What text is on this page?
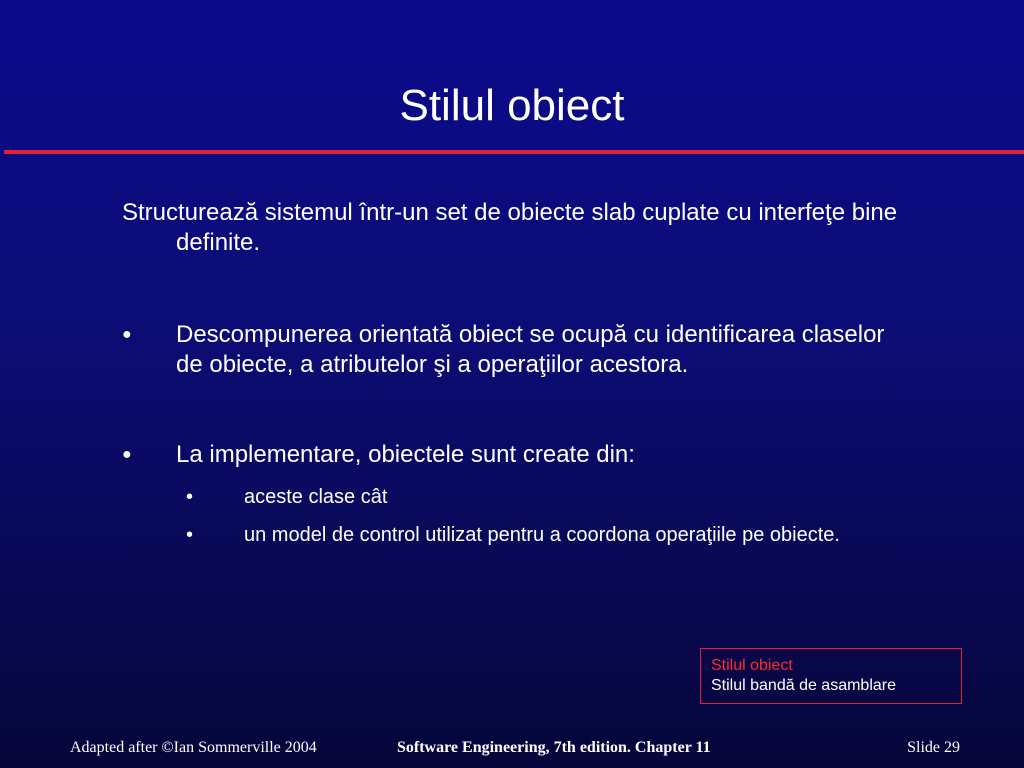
Stilul obiect
Structurează sistemul într-un set de obiecte slab cuplate cu interfeţe bine definite.
● Descompunerea orientată obiect se ocupă cu identificarea claselor de obiecte, a atributelor şi a operaţiilor acestora.
● La implementare, obiectele sunt create din:
•	aceste clase cât
•	un model de control utilizat pentru a coordona operaţiile pe obiecte.
Stilul obiect
Stilul bandă de asamblare
Adapted after ©Ian Sommerville 2004	Software Engineering, 7th edition. Chapter 11	Slide 29
